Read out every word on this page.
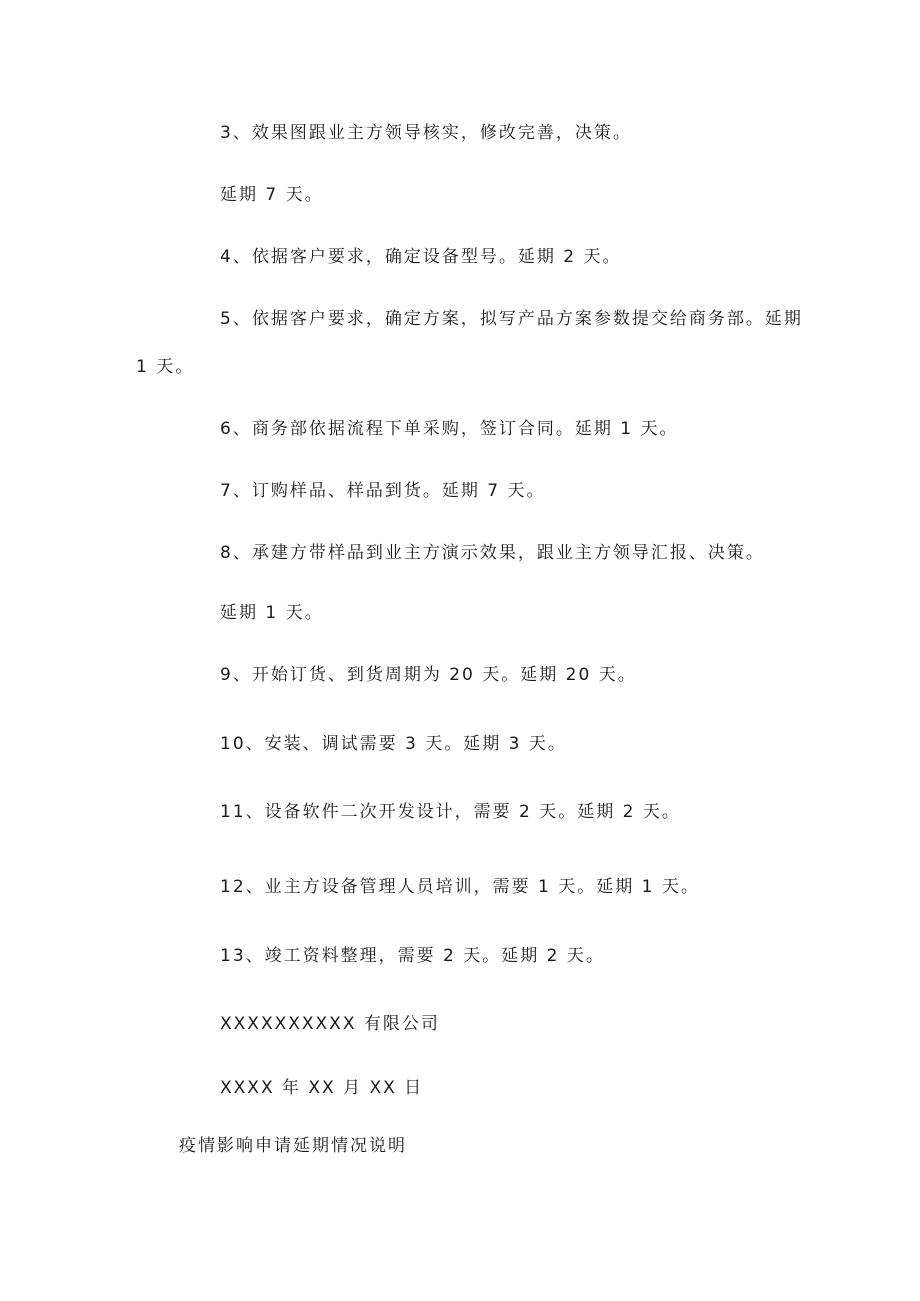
3、效果图跟业主方领导核实，修改完善，决策。

延期 7 天。

4、依据客户要求，确定设备型号。延期 2 天。

5、依据客户要求，确定方案，拟写产品方案参数提交给商务部。延期

1 天。

6、商务部依据流程下单采购，签订合同。延期 1 天。

7、订购样品、样品到货。延期 7 天。

8、承建方带样品到业主方演示效果，跟业主方领导汇报、决策。

延期 1 天。

9、开始订货、到货周期为 20 天。延期 20 天。

10、安装、调试需要 3 天。延期 3 天。

11、设备软件二次开发设计，需要 2 天。延期 2 天。

12、业主方设备管理人员培训，需要 1 天。延期 1 天。

13、竣工资料整理，需要 2 天。延期 2 天。

XXXXXXXXXX 有限公司

XXXX 年 XX 月 XX 日

疫情影响申请延期情况说明
